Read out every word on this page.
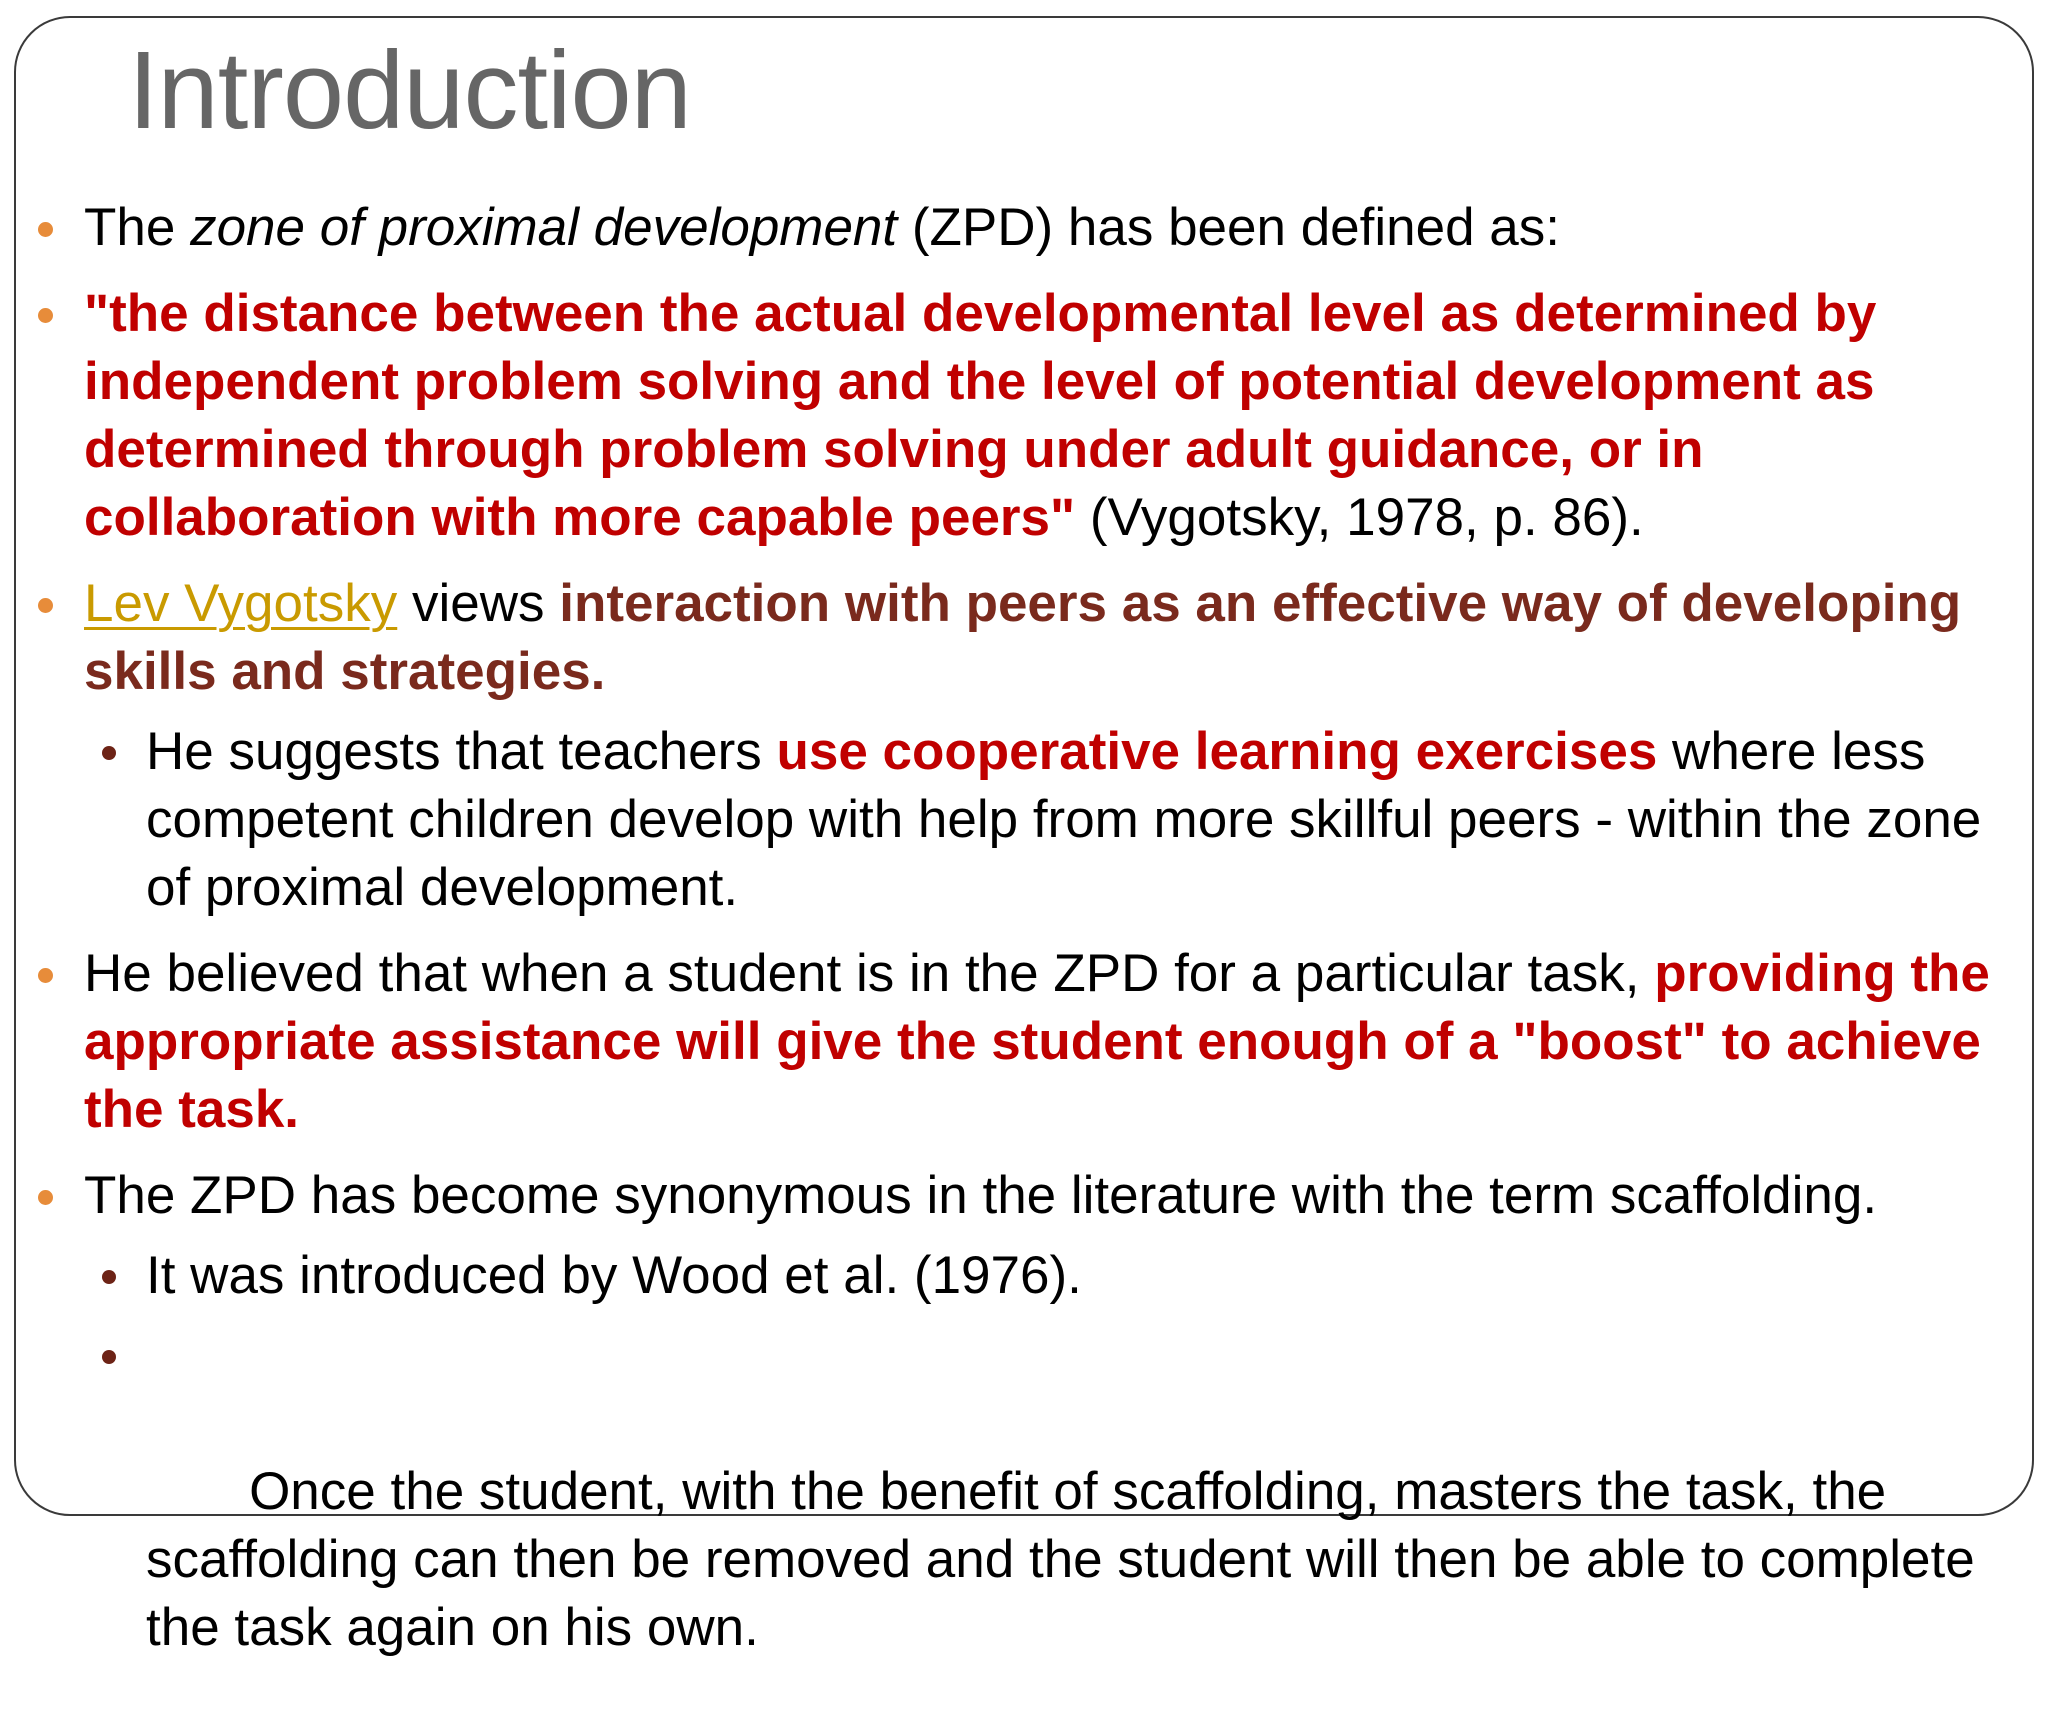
Introduction
The zone of proximal development (ZPD) has been defined as:
"the distance between the actual developmental level as determined by independent problem solving and the level of potential development as determined through problem solving under adult guidance, or in collaboration with more capable peers" (Vygotsky, 1978, p. 86).
Lev Vygotsky views interaction with peers as an effective way of developing skills and strategies.
He suggests that teachers use cooperative learning exercises where less competent children develop with help from more skillful peers - within the zone of proximal development.
He believed that when a student is in the ZPD for a particular task, providing the appropriate assistance will give the student enough of a "boost" to achieve the task.
The ZPD has become synonymous in the literature with the term scaffolding.
It was introduced by Wood et al. (1976).

Once the student, with the benefit of scaffolding, masters the task, the scaffolding can then be removed and the student will then be able to complete the task again on his own.
